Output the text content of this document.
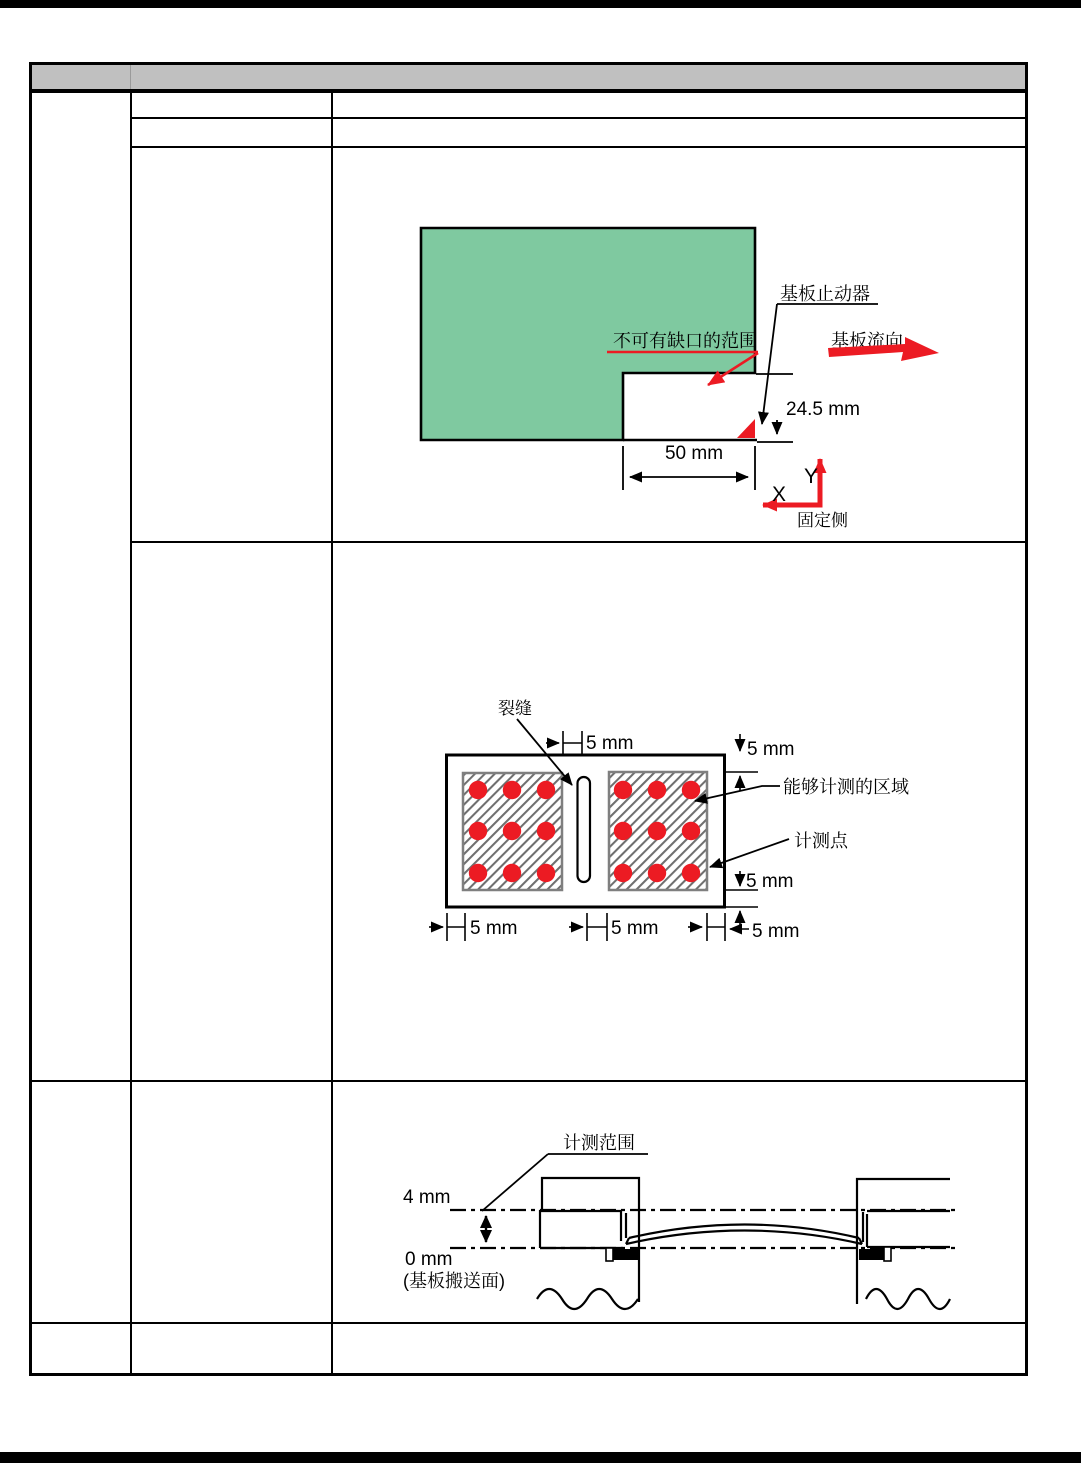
不可有缺口的范围
基板止动器
基板流向
24.5 mm
50 mm
Y
X
固定侧
裂缝
5 mm	5 mm
5 mm
5 mm	5 mm	5 mm
能够计测的区域
计测点
计测范围
4 mm
0 mm
(基板搬送面)
